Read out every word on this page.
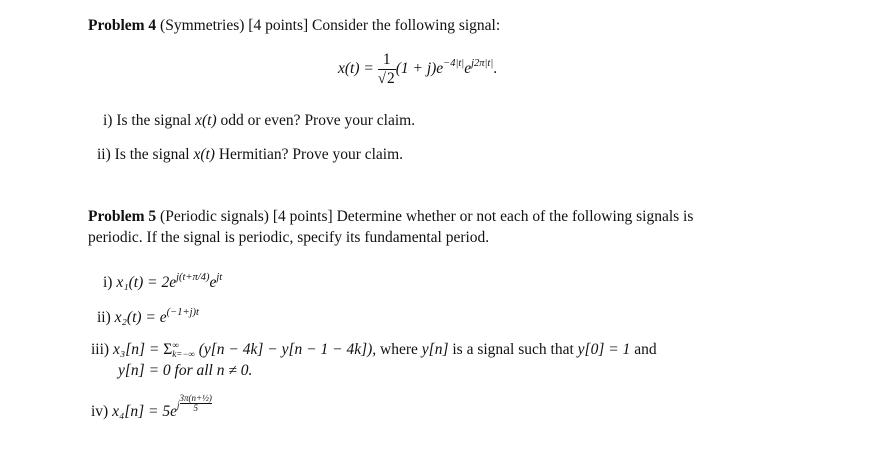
Problem 4 (Symmetries) [4 points] Consider the following signal:
$x(t) = \frac{1}{√2} (1 + j)e^{-4|t|}e^{j2\pi|t|}$.
i) Is the signal x(t) odd or even? Prove your claim.
ii) Is the signal x(t) Hermitian? Prove your claim.
Problem 5 (Periodic signals) [4 points] Determine whether or not each of the following signals is
periodic. If the signal is periodic, specify its fundamental period.
i) $x_1(t) = 2e^{j(t+\pi/4)}e^{jt}$
ii) $x_2(t) = e^{(-1+j)t}$
iii) x₃[n] = Σ ∞
k=−∞ (y[n − 4k] − y[n − 1 − 4k]), where y[n] is a signal such that y[0] = 1 and
y[n] = 0 for all n ≠ 0.
iv) $x_4[n] = 5e^j \frac{\text{3π(n+½)}}{5}$
